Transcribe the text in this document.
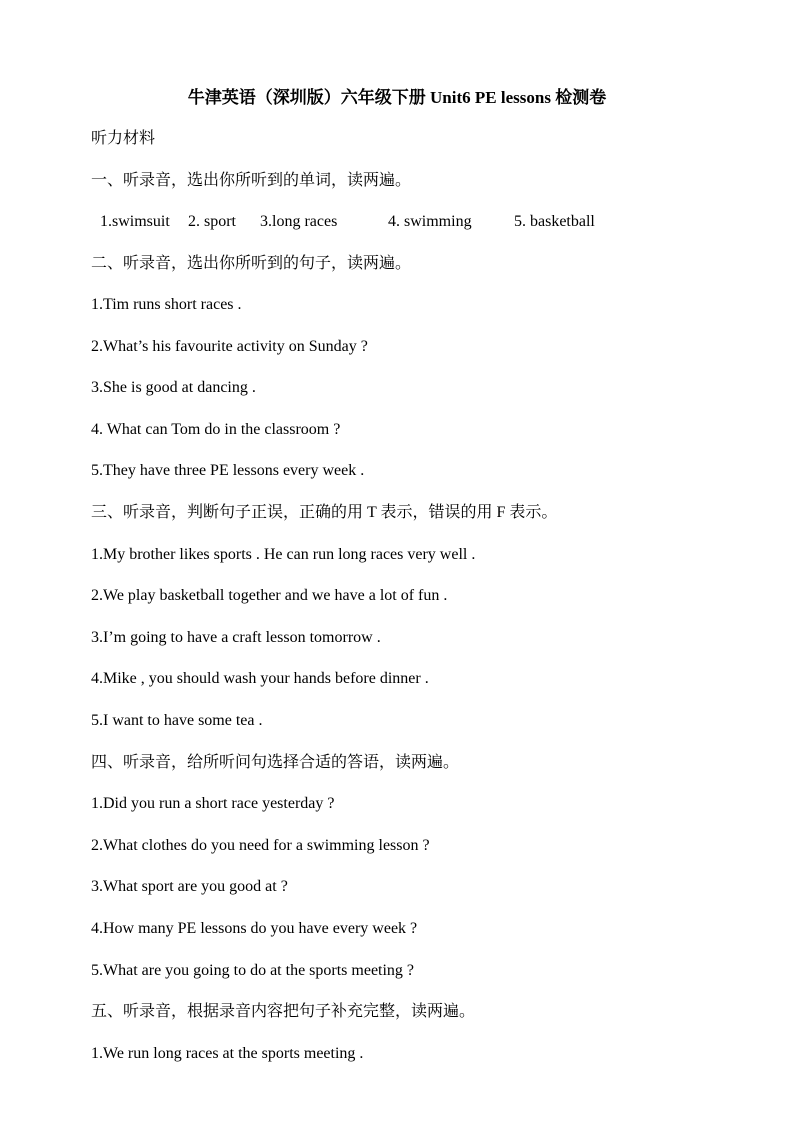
牛津英语（深圳版）六年级下册 Unit6 PE lessons 检测卷
听力材料
一、听录音，选出你所听到的单词，读两遍。
1.swimsuit 2. sport 3.long races	4. swimming	5. basketball
二、听录音，选出你所听到的句子，读两遍。
1.Tim runs short races .
2.What’s his favourite activity on Sunday ?
3.She is good at dancing .
4. What can Tom do in the classroom ?
5.They have three PE lessons every week .
三、听录音，判断句子正误，正确的用 T 表示，错误的用 F 表示。
1.My brother likes sports . He can run long races very well .
2.We play basketball together and we have a lot of fun .
3.I’m going to have a craft lesson tomorrow .
4.Mike , you should wash your hands before dinner .
5.I want to have some tea .
四、听录音，给所听问句选择合适的答语，读两遍。
1.Did you run a short race yesterday ?
2.What clothes do you need for a swimming lesson ?
3.What sport are you good at ?
4.How many PE lessons do you have every week ?
5.What are you going to do at the sports meeting ?
五、听录音，根据录音内容把句子补充完整，读两遍。
1.We run long races at the sports meeting .
